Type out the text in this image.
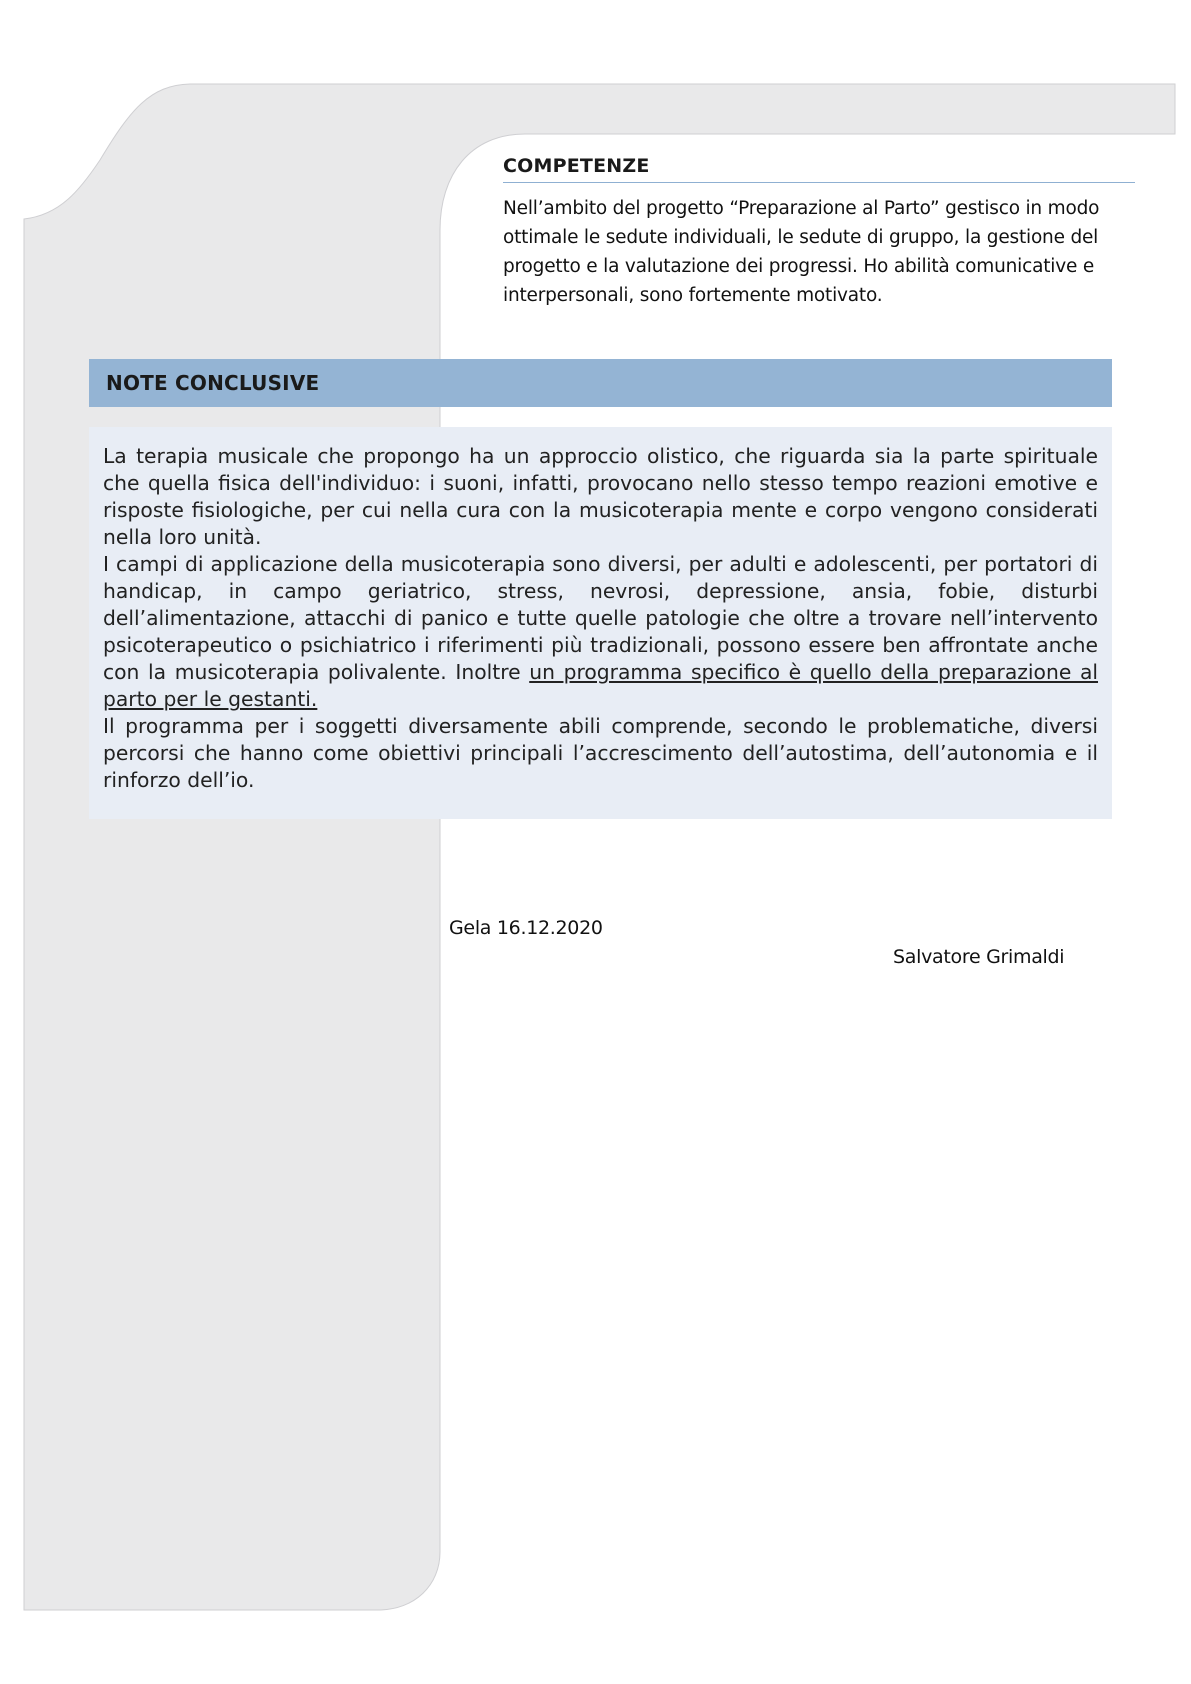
COMPETENZE

Nell’ambito del progetto “Preparazione al Parto” gestisco in modo ottimale le sedute individuali, le sedute di gruppo, la gestione del progetto e la valutazione dei progressi. Ho abilità comunicative e interpersonali, sono fortemente motivato.

NOTE CONCLUSIVE

La terapia musicale che propongo ha un approccio olistico, che riguarda sia la parte spirituale che quella fisica dell'individuo: i suoni, infatti, provocano nello stesso tempo reazioni emotive e risposte fisiologiche, per cui nella cura con la musicoterapia mente e corpo vengono considerati nella loro unità.

I campi di applicazione della musicoterapia sono diversi, per adulti e adolescenti, per portatori di handicap, in campo geriatrico, stress, nevrosi, depressione, ansia, fobie, disturbi dell’alimentazione, attacchi di panico e tutte quelle patologie che oltre a trovare nell’intervento psicoterapeutico o psichiatrico i riferimenti più tradizionali, possono essere ben affrontate anche con la musicoterapia polivalente. Inoltre un programma specifico è quello della preparazione al parto per le gestanti.

Il programma per i soggetti diversamente abili comprende, secondo le problematiche, diversi percorsi che hanno come obiettivi principali l’accrescimento dell’autostima, dell’autonomia e il rinforzo dell’io.

Gela 16.12.2020
Salvatore Grimaldi
